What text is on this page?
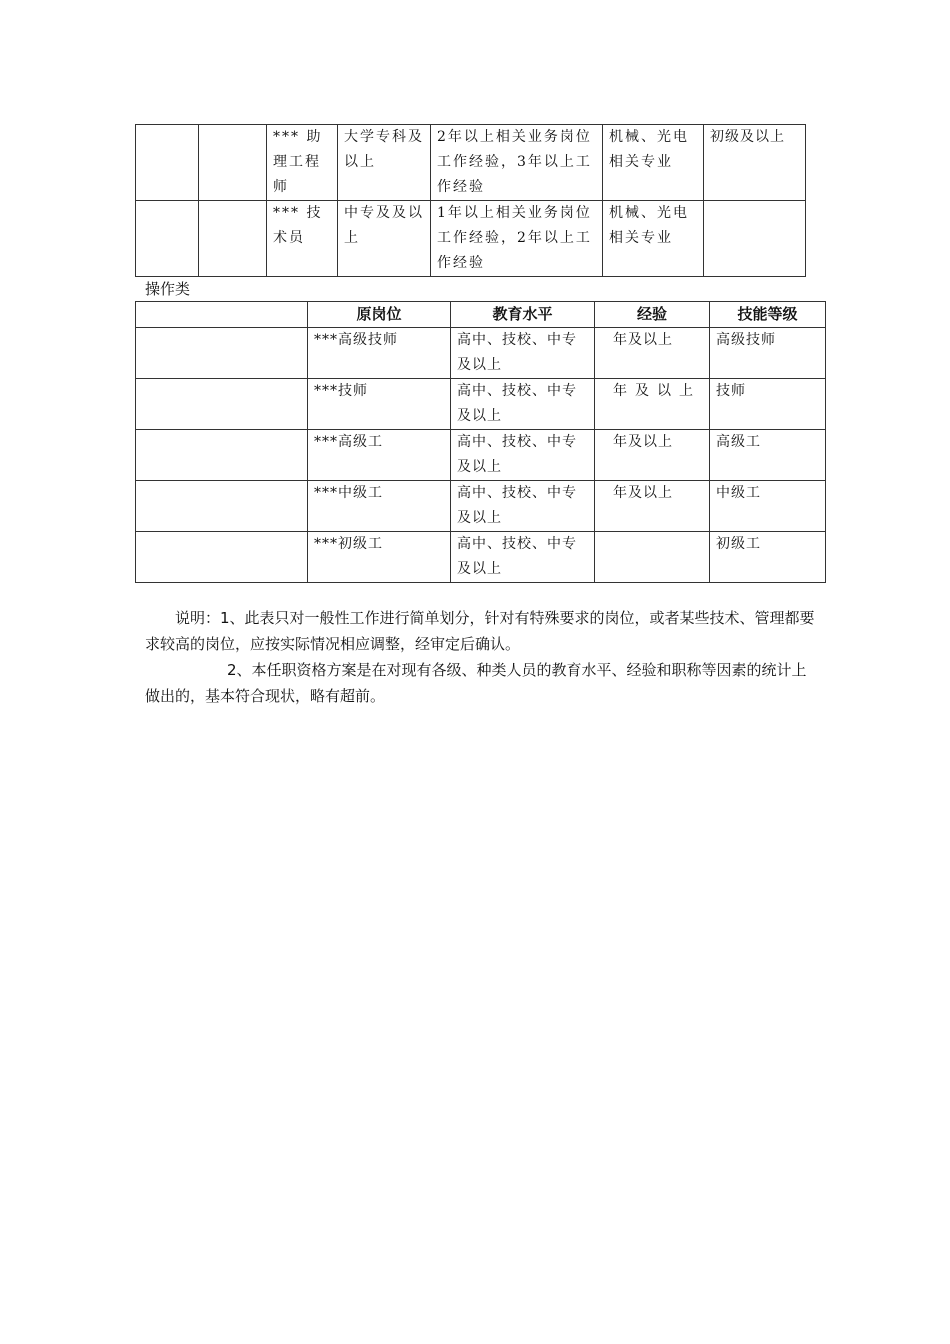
		*** 助理工程师	大学专科及以上	2年以上相关业务岗位工作经验，3年以上工作经验	机械、光电相关专业	初级及以上
		*** 技术员	中专及及以上	1年以上相关业务岗位工作经验，2年以上工作经验	机械、光电相关专业	
操作类
	原岗位	教育水平	经验	技能等级
	***高级技师	高中、技校、中专及以上	年及以上	高级技师
	***技师	高中、技校、中专及以上	年及以上	技师
	***高级工	高中、技校、中专及以上	年及以上	高级工
	***中级工	高中、技校、中专及以上	年及以上	中级工
	***初级工	高中、技校、中专及以上		初级工

说明：1、此表只对一般性工作进行简单划分，针对有特殊要求的岗位，或者某些技术、管理都要求较高的岗位，应按实际情况相应调整，经审定后确认。

2、本任职资格方案是在对现有各级、种类人员的教育水平、经验和职称等因素的统计上做出的，基本符合现状，略有超前。
